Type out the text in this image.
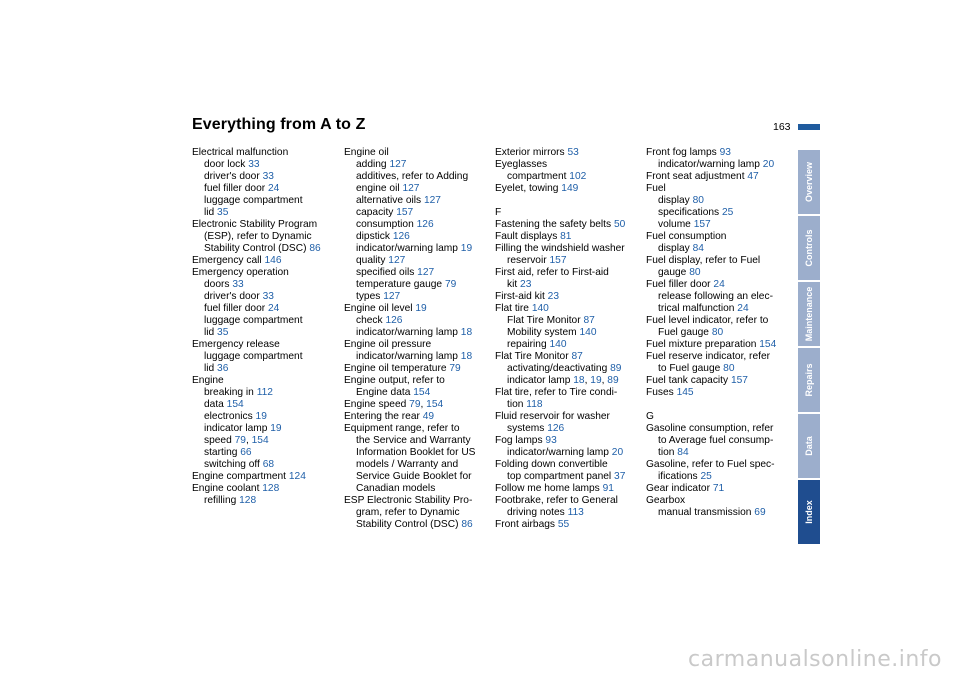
Everything from A to Z	163
Electrical malfunction
door lock 33
driver's door 33
fuel filler door 24
luggage compartment
lid 35
Electronic Stability Program
(ESP), refer to Dynamic
Stability Control (DSC) 86
Emergency call 146
Emergency operation
doors 33
driver's door 33
fuel filler door 24
luggage compartment
lid 35
Emergency release
luggage compartment
lid 36
Engine
breaking in 112
data 154
electronics 19
indicator lamp 19
speed 79, 154
starting 66
switching off 68
Engine compartment 124
Engine coolant 128
refilling 128
Engine oil
adding 127
additives, refer to Adding
engine oil 127
alternative oils 127
capacity 157
consumption 126
dipstick 126
indicator/warning lamp 19
quality 127
specified oils 127
temperature gauge 79
types 127
Engine oil level 19
check 126
indicator/warning lamp 18
Engine oil pressure
indicator/warning lamp 18
Engine oil temperature 79
Engine output, refer to
Engine data 154
Engine speed 79, 154
Entering the rear 49
Equipment range, refer to
the Service and Warranty
Information Booklet for US
models / Warranty and
Service Guide Booklet for
Canadian models
ESP Electronic Stability Pro-
gram, refer to Dynamic
Stability Control (DSC) 86
Exterior mirrors 53
Eyeglasses
compartment 102
Eyelet, towing 149
F
Fastening the safety belts 50
Fault displays 81
Filling the windshield washer
reservoir 157
First aid, refer to First-aid
kit 23
First-aid kit 23
Flat tire 140
Flat Tire Monitor 87
Mobility system 140
repairing 140
Flat Tire Monitor 87
activating/deactivating 89
indicator lamp 18, 19, 89
Flat tire, refer to Tire condi-
tion 118
Fluid reservoir for washer
systems 126
Fog lamps 93
indicator/warning lamp 20
Folding down convertible
top compartment panel 37
Follow me home lamps 91
Footbrake, refer to General
driving notes 113
Front airbags 55
Front fog lamps 93
indicator/warning lamp 20
Front seat adjustment 47
Fuel
display 80
specifications 25
volume 157
Fuel consumption
display 84
Fuel display, refer to Fuel
gauge 80
Fuel filler door 24
release following an elec-
trical malfunction 24
Fuel level indicator, refer to
Fuel gauge 80
Fuel mixture preparation 154
Fuel reserve indicator, refer
to Fuel gauge 80
Fuel tank capacity 157
Fuses 145
G
Gasoline consumption, refer
to Average fuel consump-
tion 84
Gasoline, refer to Fuel spec-
ifications 25
Gear indicator 71
Gearbox
manual transmission 69
Overview
Controls
Maintenance
Repairs
Data
Index
carmanualsonline.info
